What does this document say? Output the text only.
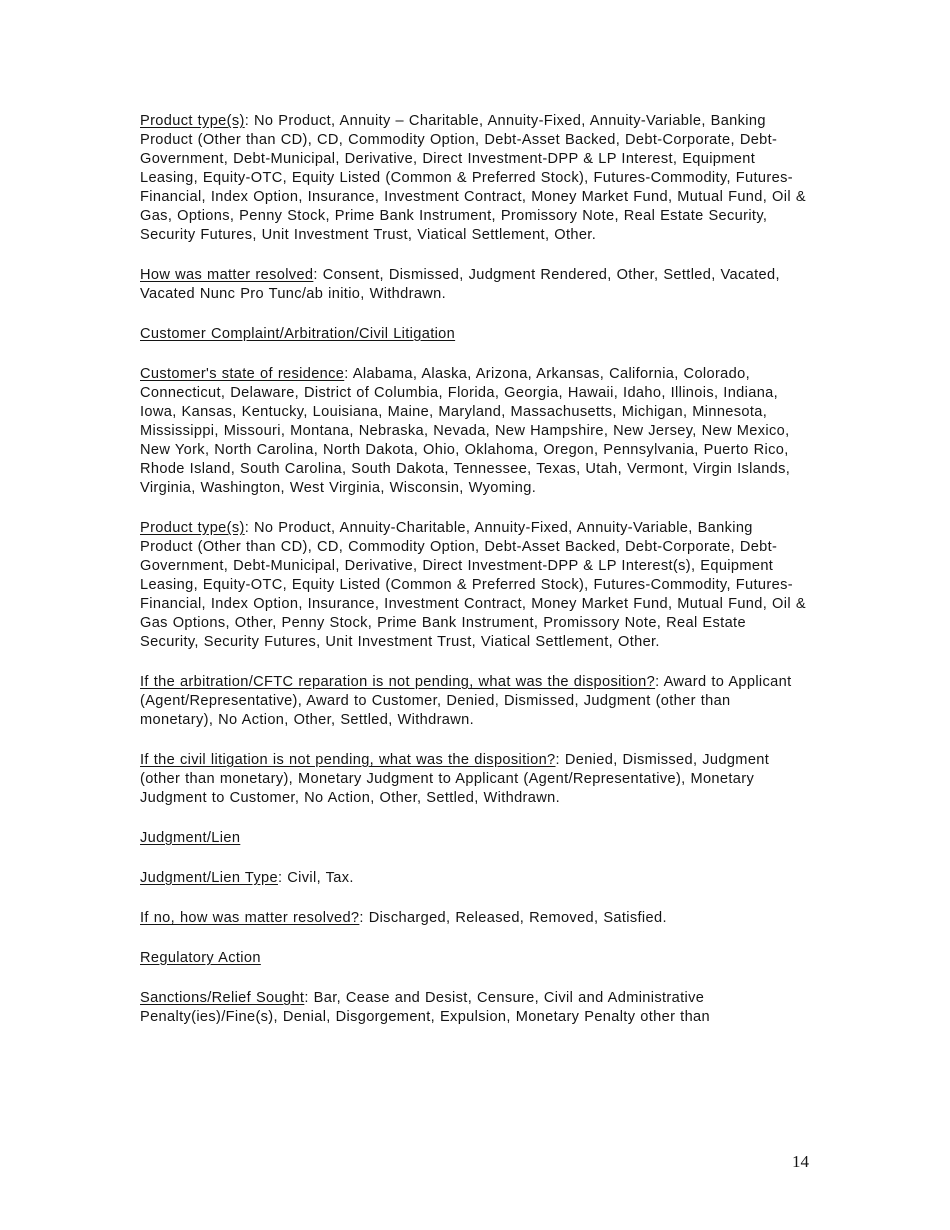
Product type(s): No Product, Annuity – Charitable, Annuity-Fixed, Annuity-Variable, Banking Product (Other than CD), CD, Commodity Option, Debt-Asset Backed, Debt-Corporate, Debt-Government, Debt-Municipal, Derivative, Direct Investment-DPP & LP Interest, Equipment Leasing, Equity-OTC, Equity Listed (Common & Preferred Stock), Futures-Commodity, Futures-Financial, Index Option, Insurance, Investment Contract, Money Market Fund, Mutual Fund, Oil & Gas, Options, Penny Stock, Prime Bank Instrument, Promissory Note, Real Estate Security, Security Futures, Unit Investment Trust, Viatical Settlement, Other.

How was matter resolved: Consent, Dismissed, Judgment Rendered, Other, Settled, Vacated, Vacated Nunc Pro Tunc/ab initio, Withdrawn.

Customer Complaint/Arbitration/Civil Litigation

Customer's state of residence: Alabama, Alaska, Arizona, Arkansas, California, Colorado, Connecticut, Delaware, District of Columbia, Florida, Georgia, Hawaii, Idaho, Illinois, Indiana, Iowa, Kansas, Kentucky, Louisiana, Maine, Maryland, Massachusetts, Michigan, Minnesota, Mississippi, Missouri, Montana, Nebraska, Nevada, New Hampshire, New Jersey, New Mexico, New York, North Carolina, North Dakota, Ohio, Oklahoma, Oregon, Pennsylvania, Puerto Rico, Rhode Island, South Carolina, South Dakota, Tennessee, Texas, Utah, Vermont, Virgin Islands, Virginia, Washington, West Virginia, Wisconsin, Wyoming.

Product type(s): No Product, Annuity-Charitable, Annuity-Fixed, Annuity-Variable, Banking Product (Other than CD), CD, Commodity Option, Debt-Asset Backed, Debt-Corporate, Debt-Government, Debt-Municipal, Derivative, Direct Investment-DPP & LP Interest(s), Equipment Leasing, Equity-OTC, Equity Listed (Common & Preferred Stock), Futures-Commodity, Futures-Financial, Index Option, Insurance, Investment Contract, Money Market Fund, Mutual Fund, Oil & Gas Options, Other, Penny Stock, Prime Bank Instrument, Promissory Note, Real Estate Security, Security Futures, Unit Investment Trust, Viatical Settlement, Other.

If the arbitration/CFTC reparation is not pending, what was the disposition?: Award to Applicant (Agent/Representative), Award to Customer, Denied, Dismissed, Judgment (other than monetary), No Action, Other, Settled, Withdrawn.

If the civil litigation is not pending, what was the disposition?: Denied, Dismissed, Judgment (other than monetary), Monetary Judgment to Applicant (Agent/Representative), Monetary Judgment to Customer, No Action, Other, Settled, Withdrawn.

Judgment/Lien

Judgment/Lien Type: Civil, Tax.

If no, how was matter resolved?: Discharged, Released, Removed, Satisfied.

Regulatory Action

Sanctions/Relief Sought: Bar, Cease and Desist, Censure, Civil and Administrative Penalty(ies)/Fine(s), Denial, Disgorgement, Expulsion, Monetary Penalty other than

14
